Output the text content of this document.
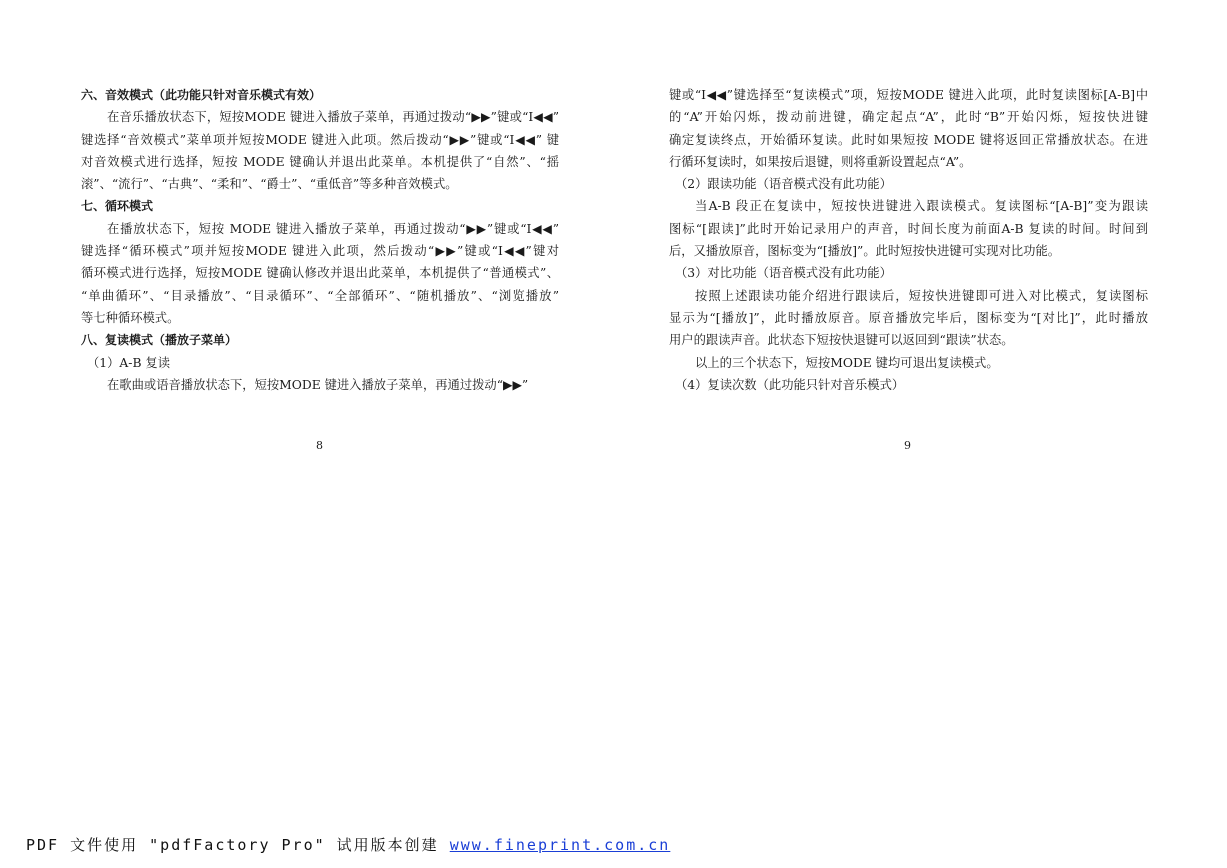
六、音效模式（此功能只针对音乐模式有效）
在音乐播放状态下，短按MODE 键进入播放子菜单，再通过拨动“▶▶”键或“I◀◀”
键选择“音效模式”菜单项并短按MODE 键进入此项。然后拨动“▶▶”键或“I◀◀” 键
对音效模式进行选择，短按 MODE 键确认并退出此菜单。本机提供了“自然”、“摇
滚”、“流行”、“古典”、“柔和”、“爵士”、“重低音”等多种音效模式。
七、循环模式
在播放状态下，短按 MODE 键进入播放子菜单，再通过拨动“▶▶”键或“I◀◀”
键选择“循环模式”项并短按MODE 键进入此项，然后拨动“▶▶”键或“I◀◀”键对
循环模式进行选择，短按MODE 键确认修改并退出此菜单，本机提供了“普通模式”、
“单曲循环”、“目录播放”、“目录循环”、“全部循环”、“随机播放”、“浏览播放”
等七种循环模式。
八、复读模式（播放子菜单）
（1）A-B 复读
在歌曲或语音播放状态下，短按MODE 键进入播放子菜单，再通过拨动“▶▶”
8
键或“I◀◀”键选择至“复读模式”项，短按MODE 键进入此项，此时复读图标[A-B]中
的“A”开始闪烁，拨动前进键，确定起点“A”，此时“B”开始闪烁，短按快进键
确定复读终点，开始循环复读。此时如果短按 MODE 键将返回正常播放状态。在进
行循环复读时，如果按后退键，则将重新设置起点“A”。
（2）跟读功能（语音模式没有此功能）
当A-B 段正在复读中，短按快进键进入跟读模式。复读图标“[A-B]”变为跟读
图标“[跟读]”此时开始记录用户的声音，时间长度为前面A-B 复读的时间。时间到
后，又播放原音，图标变为“[播放]”。此时短按快进键可实现对比功能。
（3）对比功能（语音模式没有此功能）
按照上述跟读功能介绍进行跟读后，短按快进键即可进入对比模式，复读图标
显示为“[播放]”，此时播放原音。原音播放完毕后，图标变为“[对比]”，此时播放
用户的跟读声音。此状态下短按快退键可以返回到“跟读”状态。
以上的三个状态下，短按MODE 键均可退出复读模式。
（4）复读次数（此功能只针对音乐模式）
9
PDF 文件使用 "pdfFactory Pro" 试用版本创建 www.fineprint.com.cn
